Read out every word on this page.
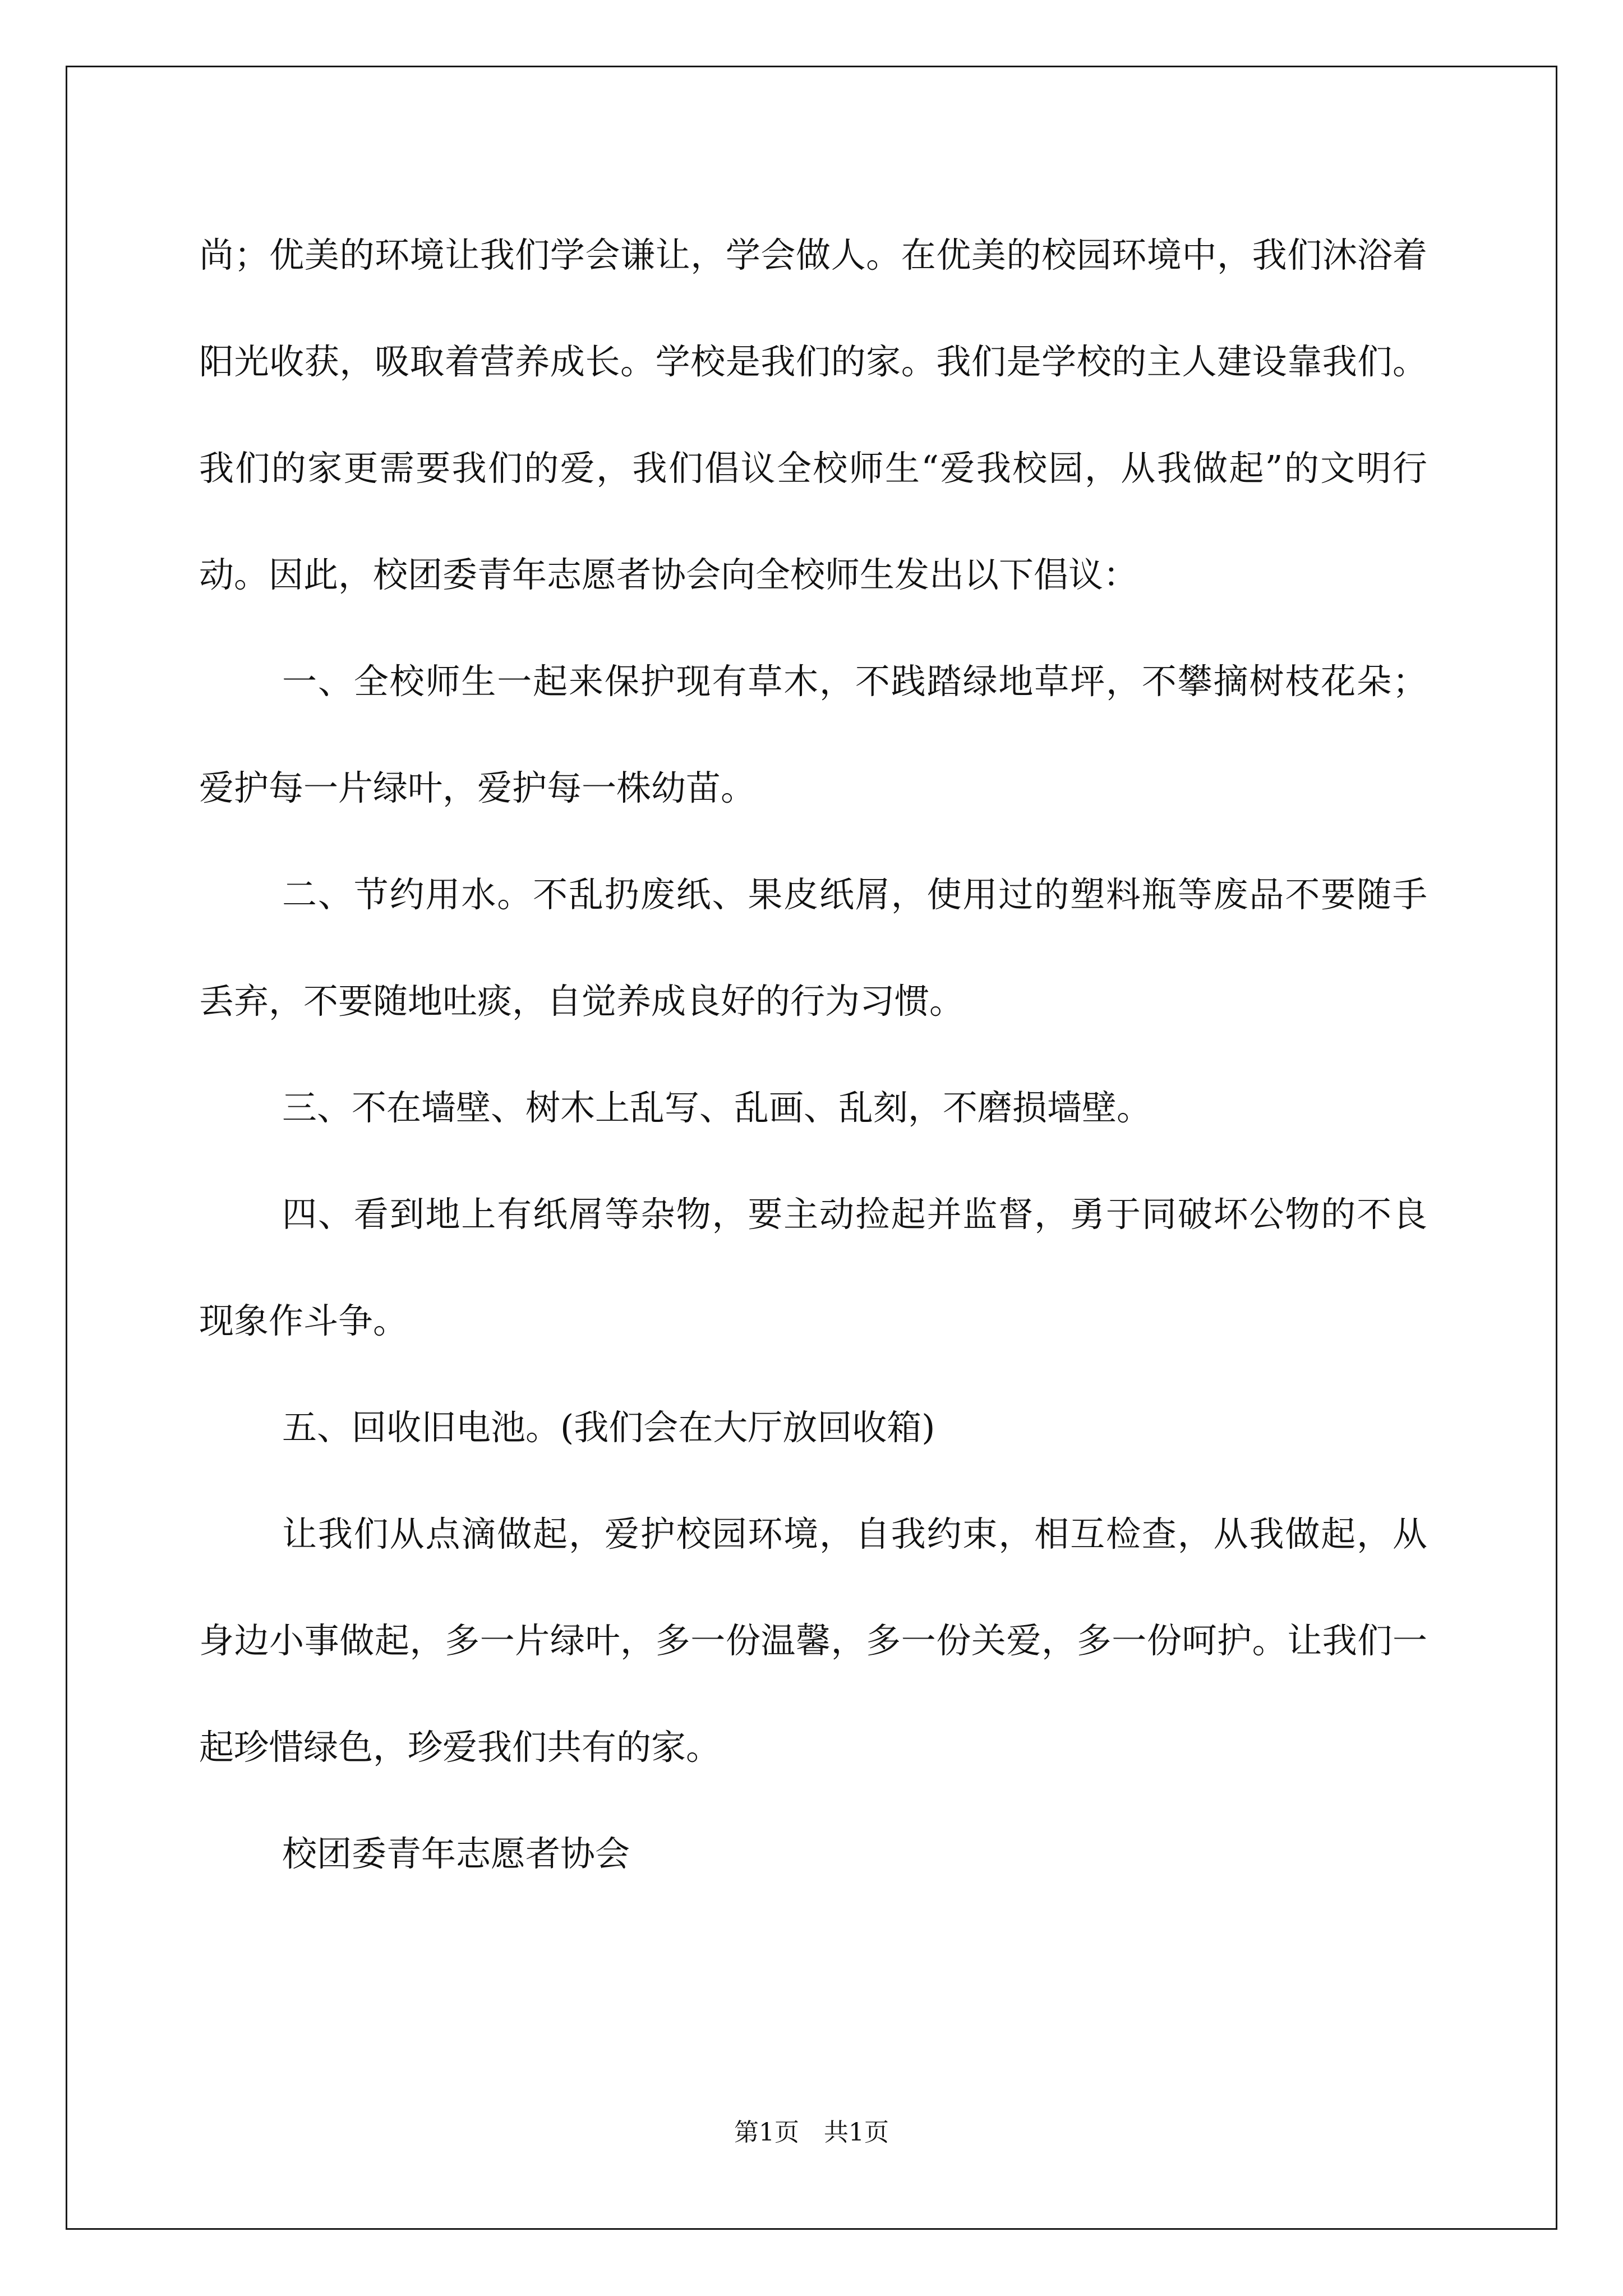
尚；优美的环境让我们学会谦让，学会做人。在优美的校园环境中，我们沐浴着阳光收获，吸取着营养成长。学校是我们的家。我们是学校的主人建设靠我们。我们的家更需要我们的爱，我们倡议全校师生“爱我校园，从我做起”的文明行动。因此，校团委青年志愿者协会向全校师生发出以下倡议：

一、全校师生一起来保护现有草木，不践踏绿地草坪，不攀摘树枝花朵；爱护每一片绿叶，爱护每一株幼苗。

二、节约用水。不乱扔废纸、果皮纸屑，使用过的塑料瓶等废品不要随手丢弃，不要随地吐痰，自觉养成良好的行为习惯。

三、不在墙壁、树木上乱写、乱画、乱刻，不磨损墙壁。

四、看到地上有纸屑等杂物，要主动捡起并监督，勇于同破坏公物的不良现象作斗争。

五、回收旧电池。(我们会在大厅放回收箱)

让我们从点滴做起，爱护校园环境，自我约束，相互检查，从我做起，从身边小事做起，多一片绿叶，多一份温馨，多一份关爱，多一份呵护。让我们一起珍惜绿色，珍爱我们共有的家。

校团委青年志愿者协会

第1页　共1页
